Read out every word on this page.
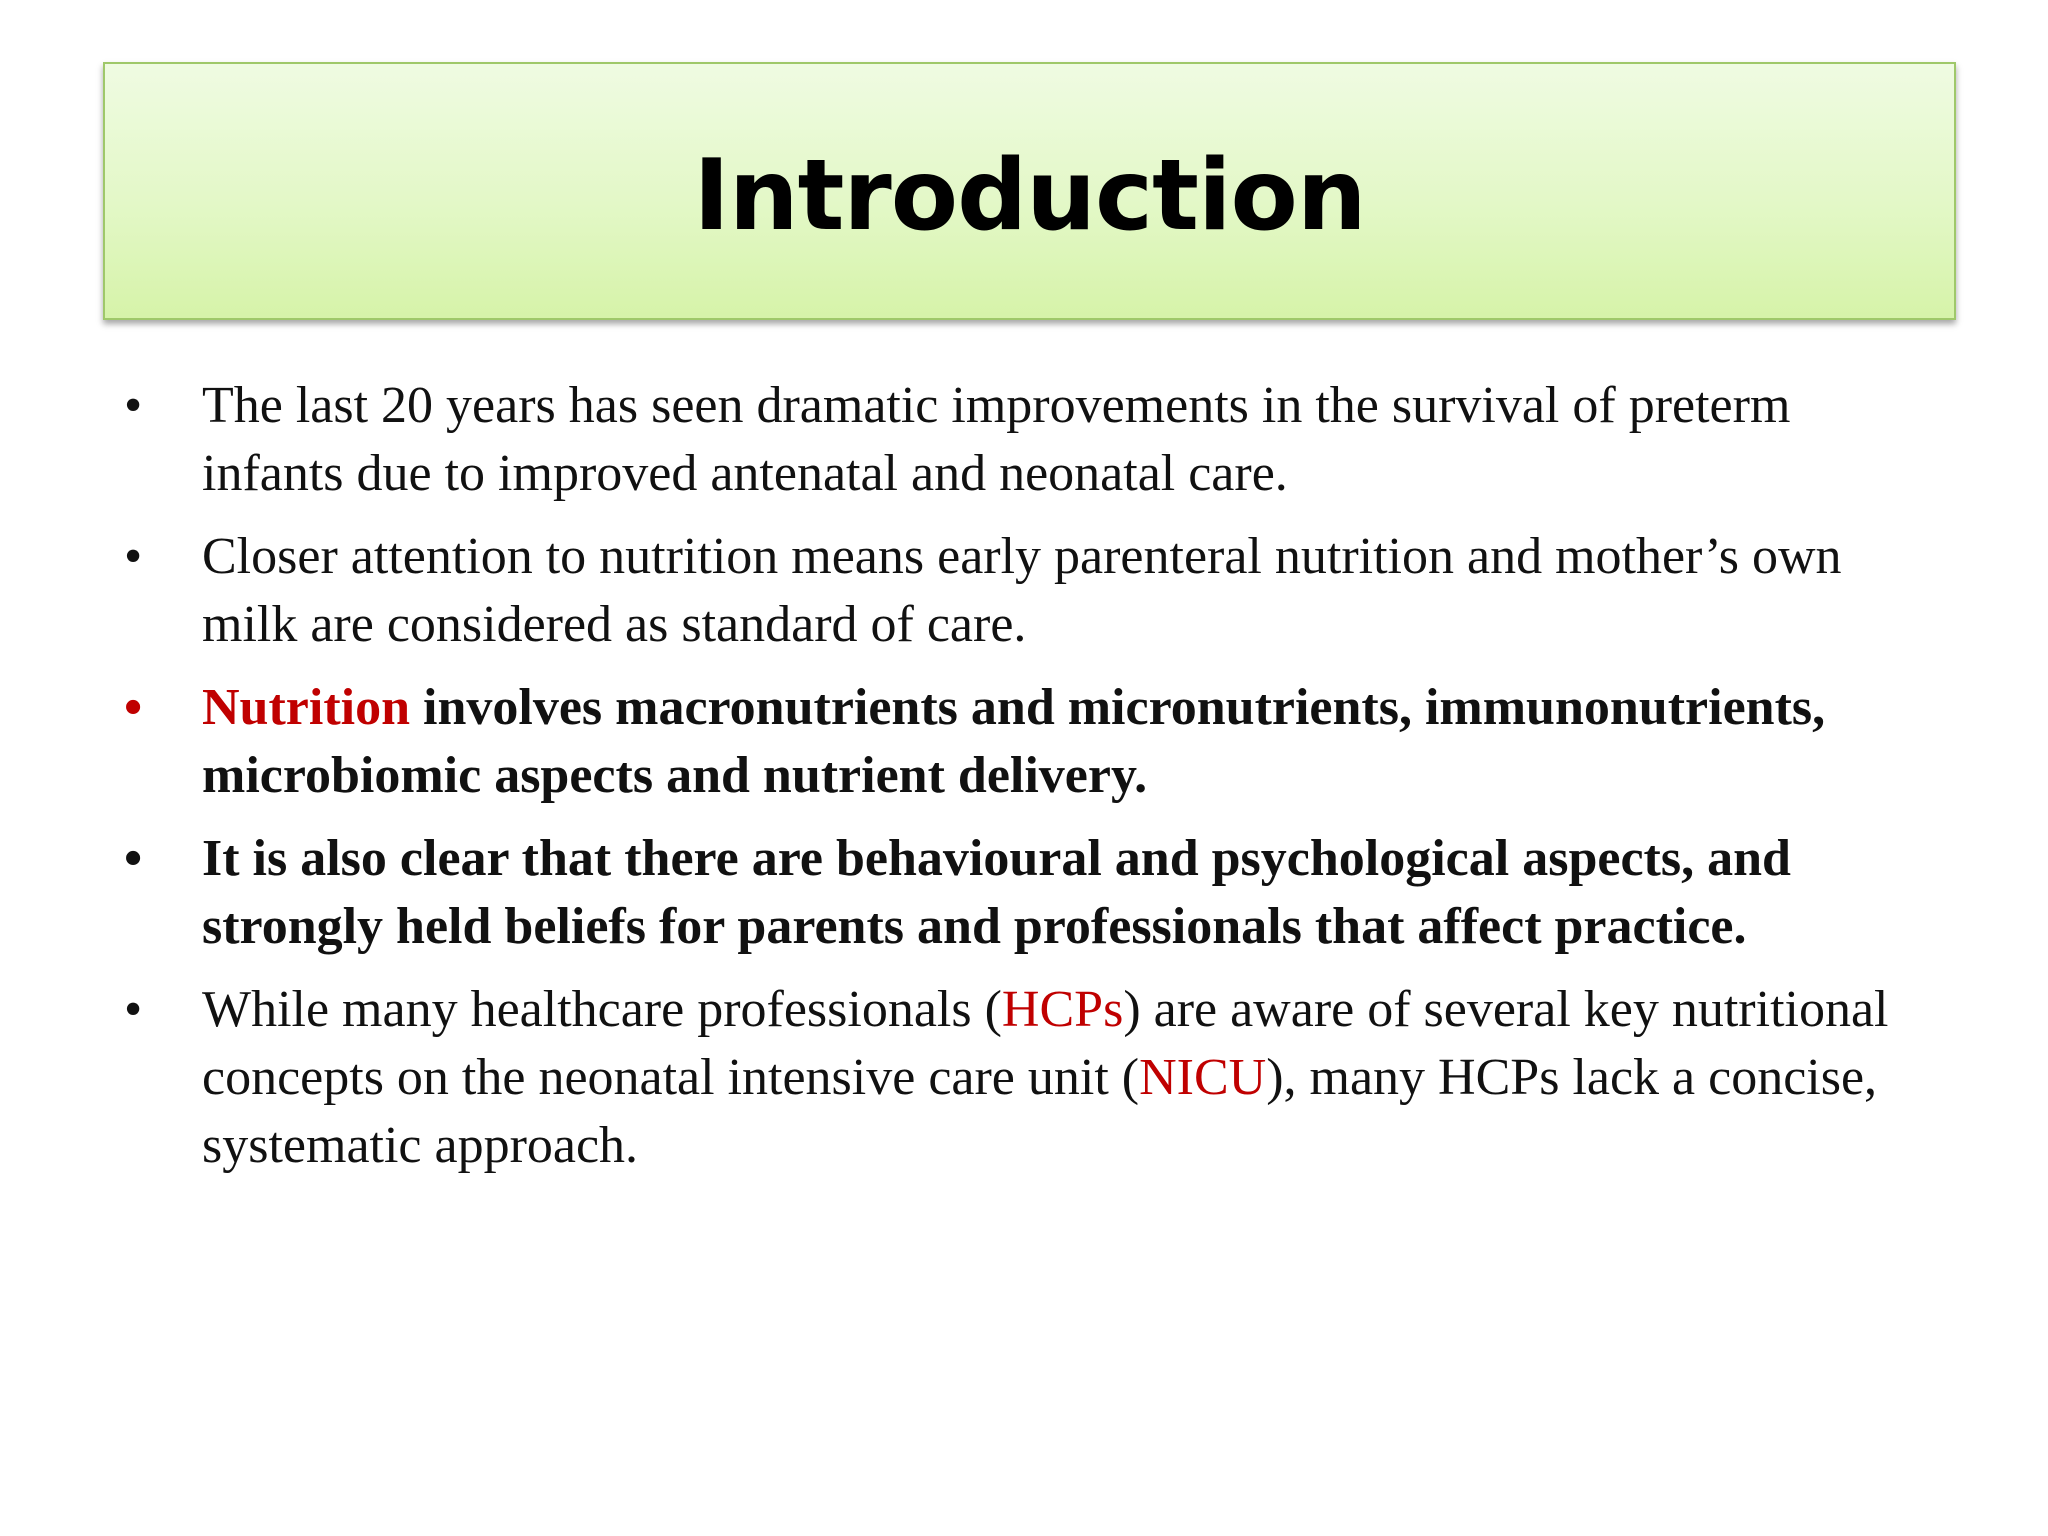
Introduction
• The last 20 years has seen dramatic improvements in the survival of preterm infants due to improved antenatal and neonatal care.
• Closer attention to nutrition means early parenteral nutrition and mother’s own milk are considered as standard of care.
• Nutrition involves macronutrients and micronutrients, immunonutrients, microbiomic aspects and nutrient delivery.
• It is also clear that there are behavioural and psychological aspects, and strongly held beliefs for parents and professionals that affect practice.
• While many healthcare professionals (HCPs) are aware of several key nutritional concepts on the neonatal intensive care unit (NICU), many HCPs lack a concise, systematic approach.
